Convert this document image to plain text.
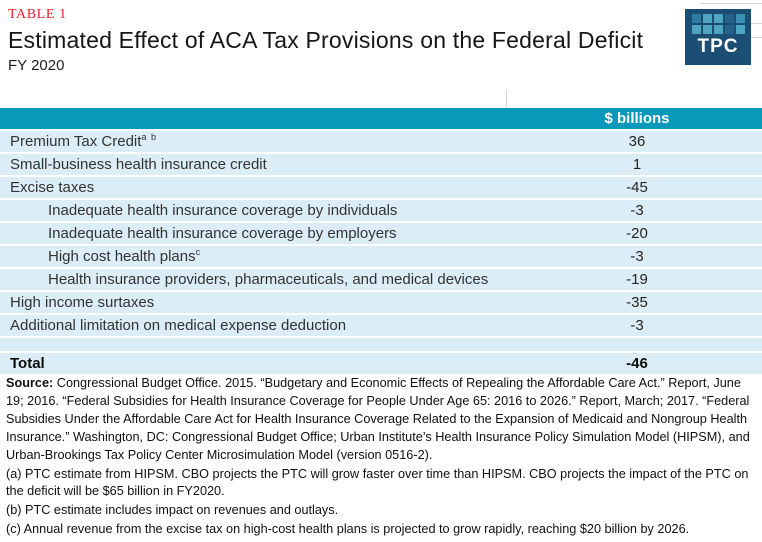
TABLE 1
Estimated Effect of ACA Tax Provisions on the Federal Deficit
FY 2020
TPC
$ billions
Premium Tax Credit$^{a b}$	36
Small-business health insurance credit	1
Excise taxes	-45
Inadequate health insurance coverage by individuals	-3
Inadequate health insurance coverage by employers	-20
High cost health plans$^c$	-3
Health insurance providers, pharmaceuticals, and medical devices	-19
High income surtaxes	-35
Additional limitation on medical expense deduction	-3
Total	-46

Source: Congressional Budget Office. 2015. “Budgetary and Economic Effects of Repealing the Affordable Care Act.” Report, June 19; 2016. “Federal Subsidies for Health Insurance Coverage for People Under Age 65: 2016 to 2026.” Report, March; 2017. “Federal Subsidies Under the Affordable Care Act for Health Insurance Coverage Related to the Expansion of Medicaid and Nongroup Health Insurance.” Washington, DC: Congressional Budget Office; Urban Institute’s Health Insurance Policy Simulation Model (HIPSM), and Urban-Brookings Tax Policy Center Microsimulation Model (version 0516-2).

(a) PTC estimate from HIPSM. CBO projects the PTC will grow faster over time than HIPSM. CBO projects the impact of the PTC on the deficit will be $65 billion in FY2020.

(b) PTC estimate includes impact on revenues and outlays.

(c) Annual revenue from the excise tax on high-cost health plans is projected to grow rapidly, reaching $20 billion by 2026.
